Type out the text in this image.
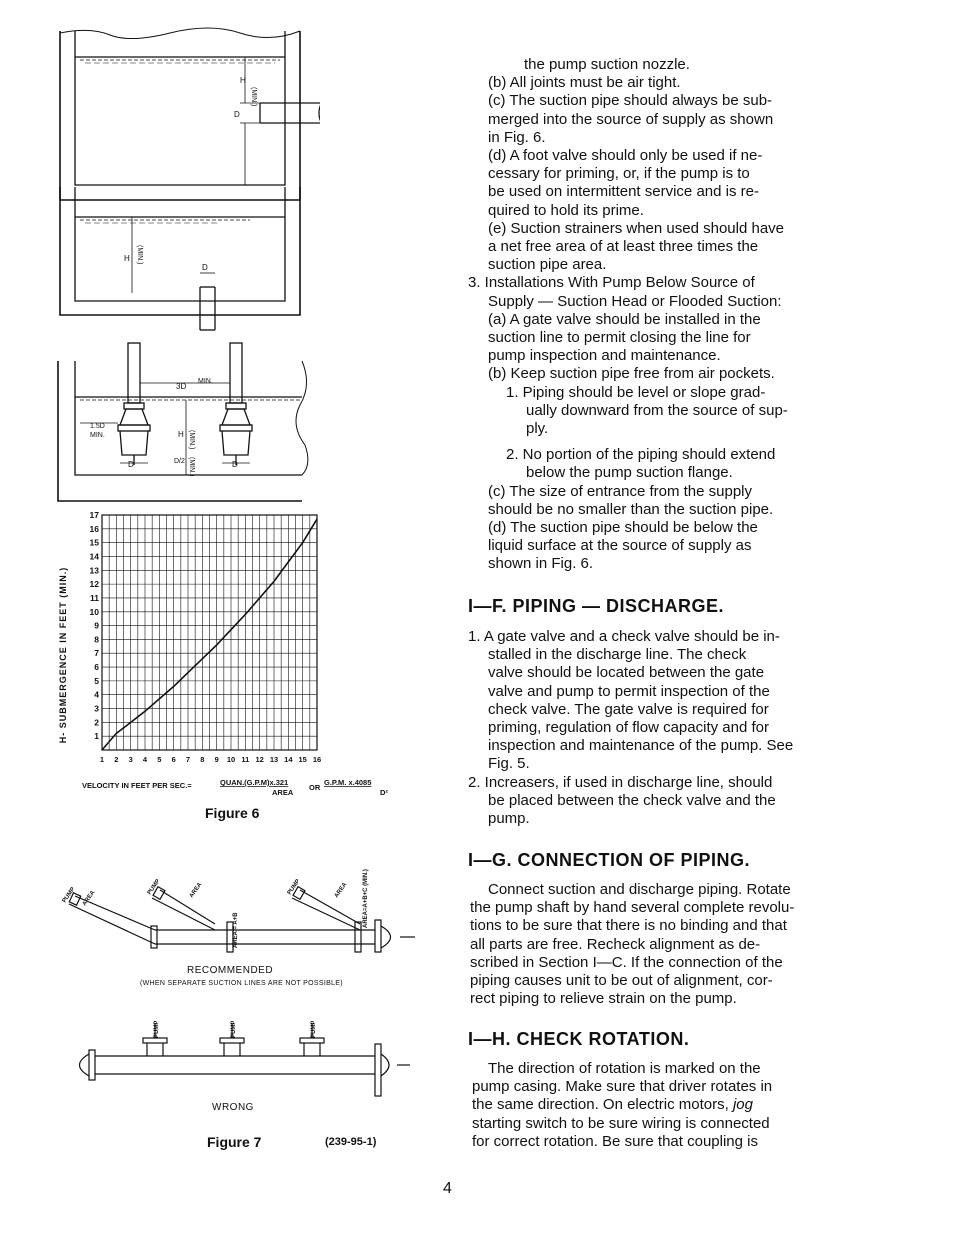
H
(MIN.)
D
H (MIN.)
D
3D
MIN.
1.5D
MIN.	H (MIN.)
D	D
D/2 (MIN.)
1
2
3
4
5
6
7
8
9
10
11
12
13
14
15
16
17
1 2 3 4 5 6 7 8 9 10 11 12 13 14 15 16
H- SUBMERGENCE IN FEET (MIN.)
VELOCITY IN FEET PER SEC.=	QUAN.(G.P.M)x.321
AREA
OR
G.P.M. x.4085
D²
Figure 6
PUMP AREA
PUMP	AREA	PUMP	AREA
AREA = A+B
AREA=A+B+C (MIN.)
PUMP	PUMP	PUMP
RECOMMENDED
(WHEN SEPARATE SUCTION LINES ARE NOT POSSIBLE)
WRONG
Figure 7	(239-95-1)

the pump suction nozzle.

(b) All joints must be air tight.

(c) The suction pipe should always be sub-

merged into the source of supply as shown

in Fig. 6.

(d) A foot valve should only be used if ne-

cessary for priming, or, if the pump is to

be used on intermittent service and is re-

quired to hold its prime.

(e) Suction strainers when used should have

a net free area of at least three times the

suction pipe area.

3. Installations With Pump Below Source of

Supply — Suction Head or Flooded Suction:

(a) A gate valve should be installed in the

suction line to permit closing the line for

pump inspection and maintenance.

(b) Keep suction pipe free from air pockets.

1. Piping should be level or slope grad-

ually downward from the source of sup-

ply.

2. No portion of the piping should extend

below the pump suction flange.

(c) The size of entrance from the supply

should be no smaller than the suction pipe.

(d) The suction pipe should be below the

liquid surface at the source of supply as

shown in Fig. 6.

I—F. PIPING — DISCHARGE.

1. A gate valve and a check valve should be in-

stalled in the discharge line. The check

valve should be located between the gate

valve and pump to permit inspection of the

check valve. The gate valve is required for

priming, regulation of flow capacity and for

inspection and maintenance of the pump. See

Fig. 5.

2. Increasers, if used in discharge line, should

be placed between the check valve and the

pump.

I—G. CONNECTION OF PIPING.

Connect suction and discharge piping. Rotate

the pump shaft by hand several complete revolu-

tions to be sure that there is no binding and that

all parts are free. Recheck alignment as de-

scribed in Section I—C. If the connection of the

piping causes unit to be out of alignment, cor-

rect piping to relieve strain on the pump.

I—H. CHECK ROTATION.

The direction of rotation is marked on the

pump casing. Make sure that driver rotates in

the same direction. On electric motors, jog

starting switch to be sure wiring is connected

for correct rotation. Be sure that coupling is

4
